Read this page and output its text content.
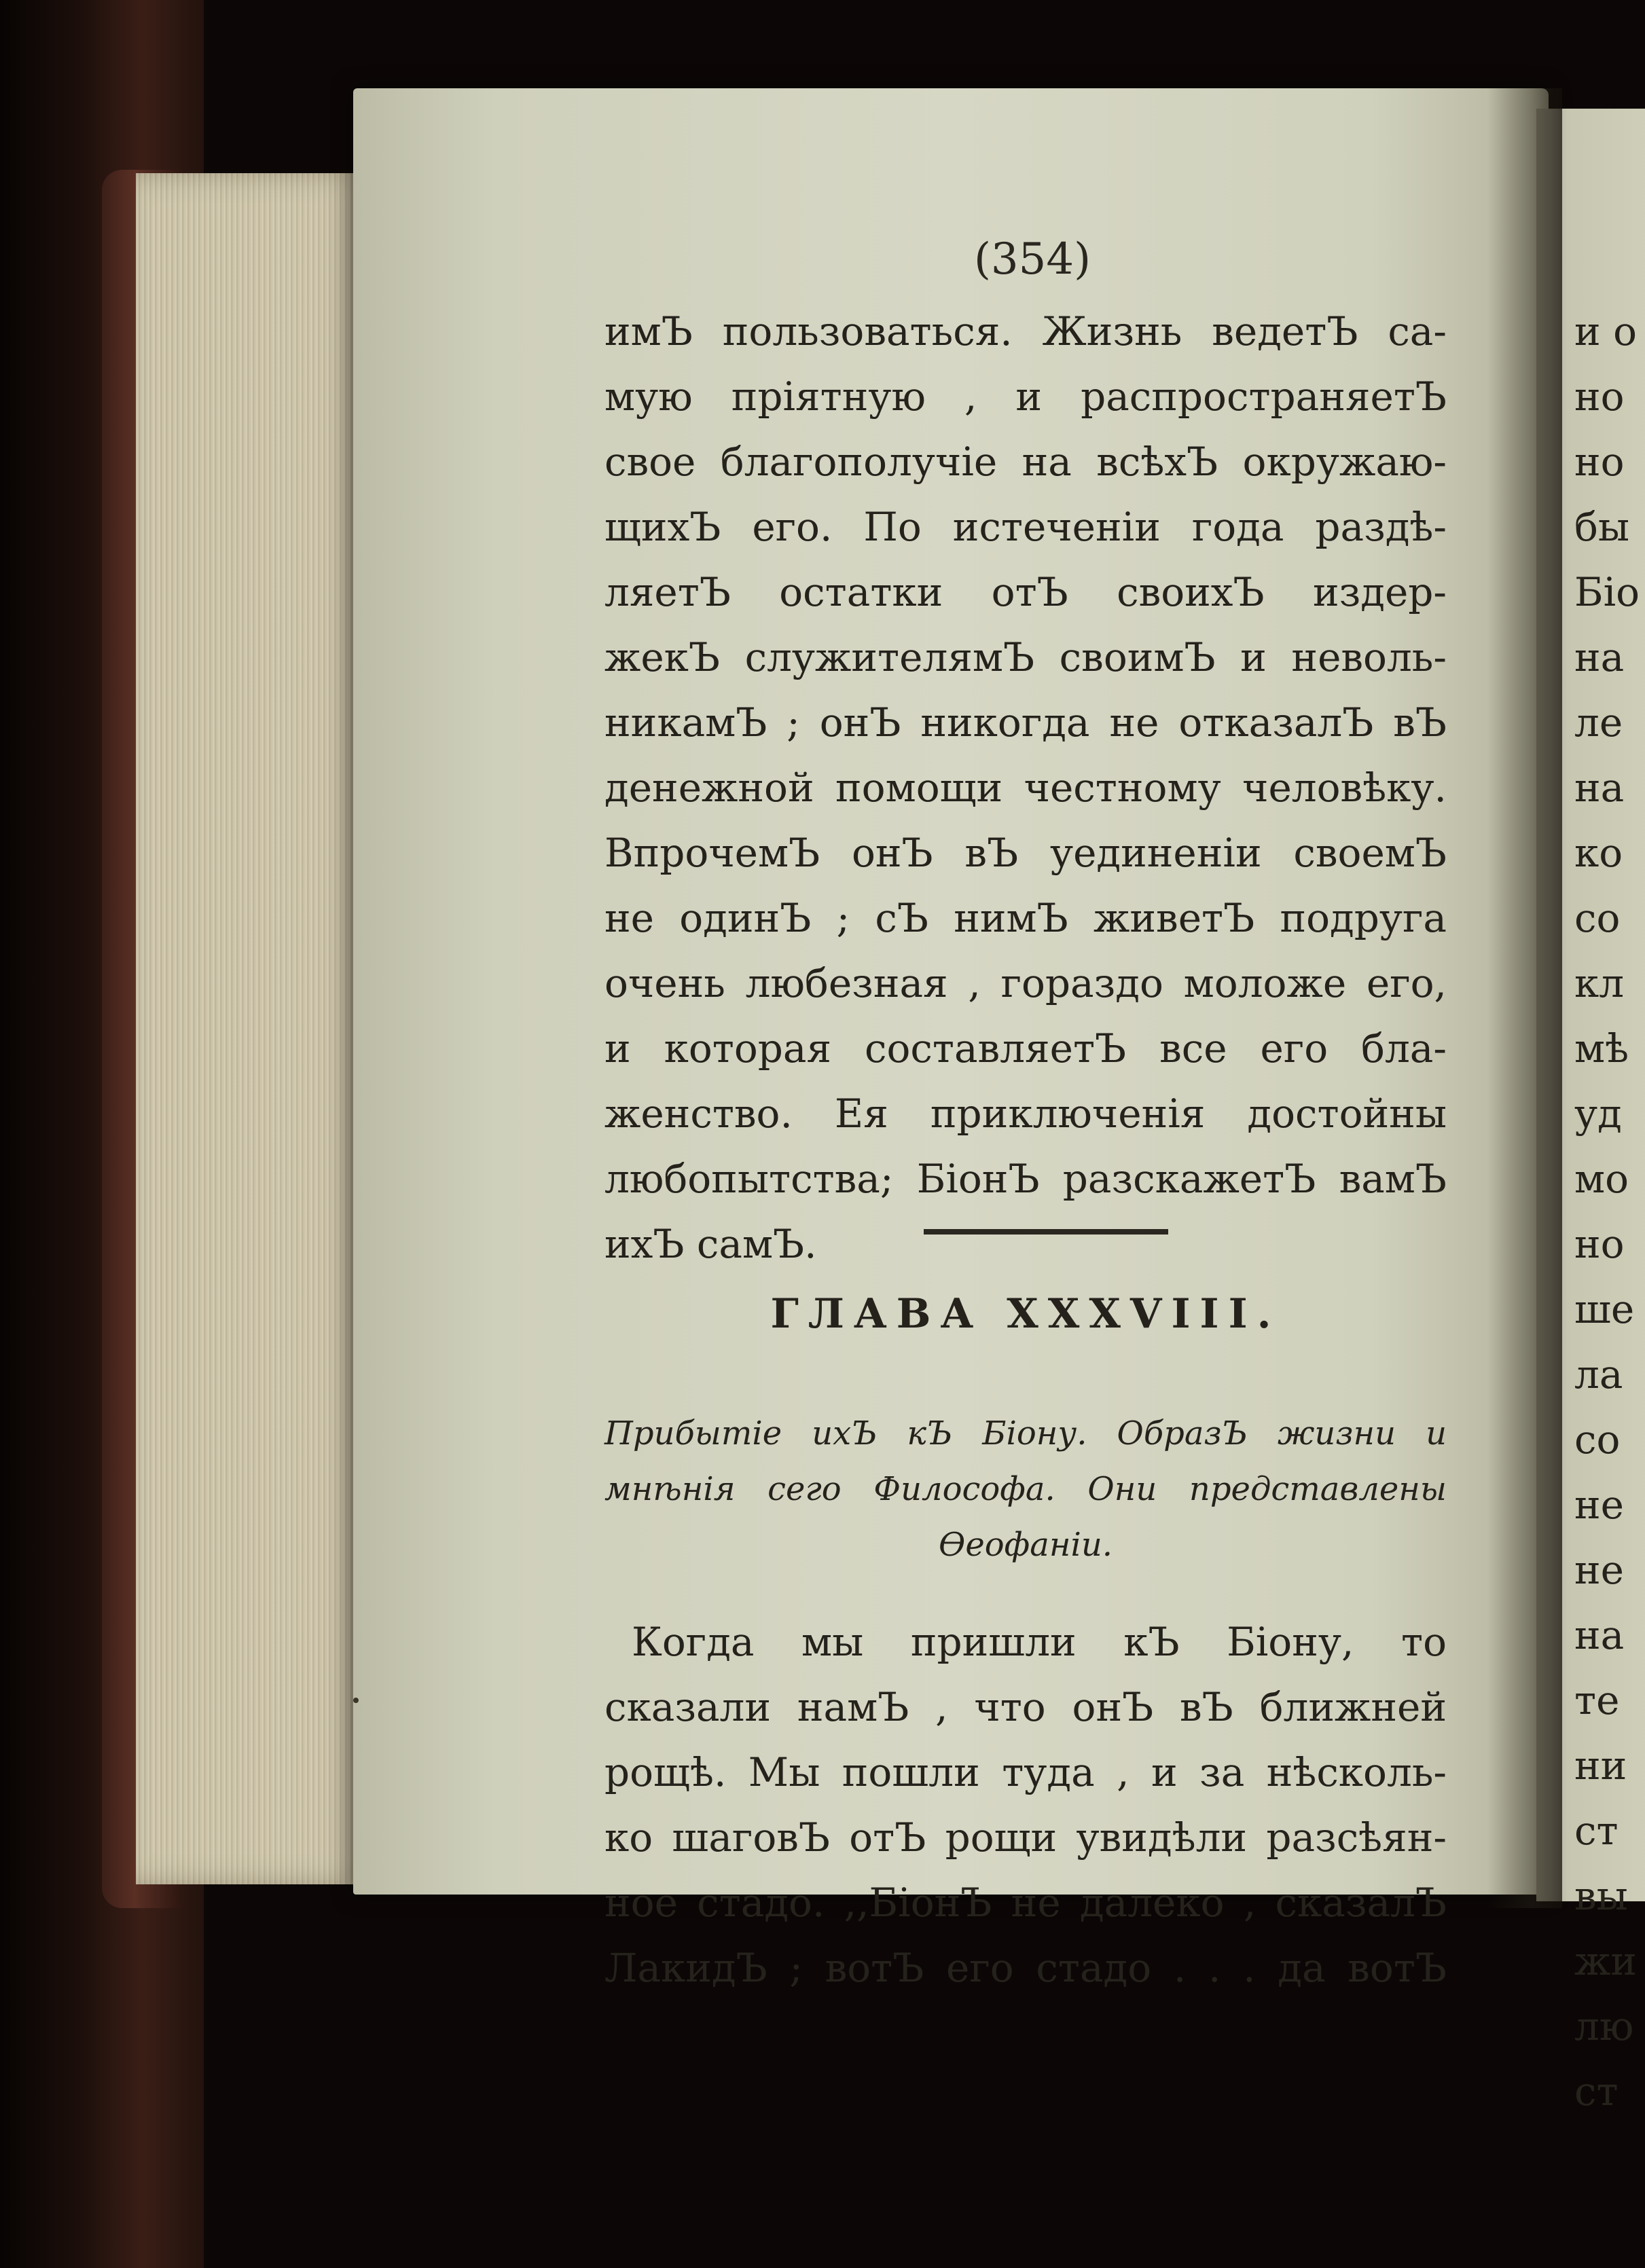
(354)
имЪ пользоваться. Жизнь ведетЪ са-
мую пріятную , и распространяетЪ
свое благополучіе на всѣхЪ окружаю-
щихЪ его. По истеченіи года раздѣ-
ляетЪ остатки отЪ своихЪ издер-
жекЪ служителямЪ своимЪ и неволь-
никамЪ ; онЪ никогда не отказалЪ вЪ
денежной помощи честному человѣку.
ВпрочемЪ онЪ вЪ уединеніи своемЪ
не одинЪ ; сЪ нимЪ живетЪ подруга
очень любезная , гораздо моложе его,
и которая составляетЪ все его бла-
женство. Ея приключенія достойны
любопытства; БіонЪ разскажетЪ вамЪ
ихЪ самЪ.
ГЛАВА XXXVIII.
Прибытіе ихЪ кЪ Біону. ОбразЪ жизни и
мнѣнія сего Философа. Они представлены
Ѳеофаніи.
Когда мы пришли кЪ Біону, то
сказали намЪ , что онЪ вЪ ближней
рощѣ. Мы пошли туда , и за нѣсколь-
ко шаговЪ отЪ рощи увидѣли разсѣян-
ное стадо. ,,БіонЪ не далеко , сказалЪ
ЛакидЪ ; вотЪ его стадо . . . да вотЪ
и о
но
но
бы
Біо
на
ле
на
ко
со
кл
мѣ
уд
мо
но
ше
ла
со
не
не
на
те
ни
ст
вы
жи
лю
ст
